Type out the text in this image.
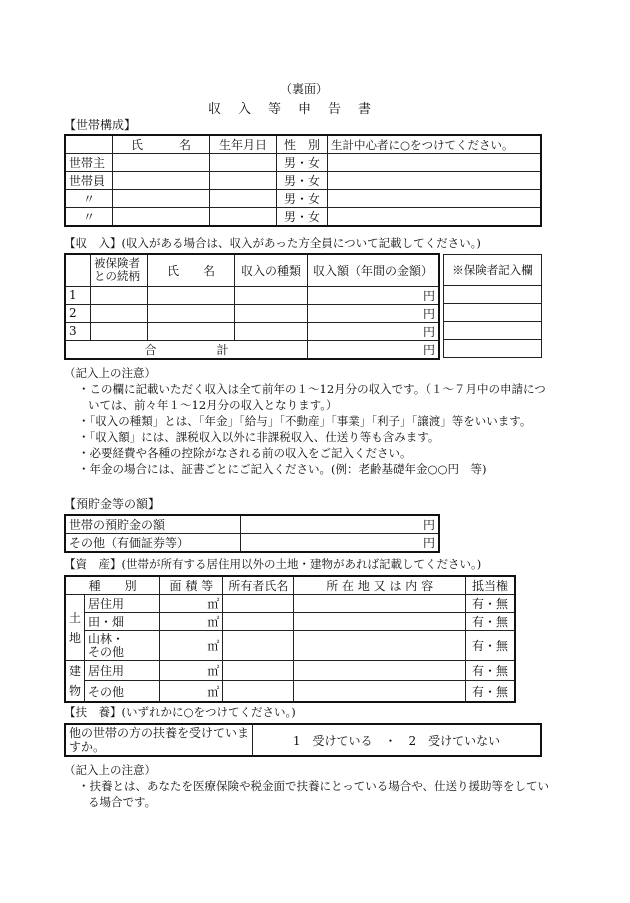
（裏面）
収　入　等　申　告　書
【世帯構成】
	氏　　　名	生年月日	性　別	生計中心者に○をつけてください。
世帯主			男・女	
世帯員			男・女	
〃			男・女	
〃			男・女	
【収　入】(収入がある場合は、収入があった方全員について記載してください。)
	被保険者
との続柄	氏　　名	収入の種類	収入額（年間の金額）
1				円
2				円
3				円
合　　　　　計				円
※保険者記入欄

（記入上の注意）
・この欄に記載いただく収入は全て前年の１～12月分の収入です。（１～７月中の申請については、前々年１～12月分の収入となります。）
・「収入の種類」とは、「年金」「給与」「不動産」「事業」「利子」「譲渡」等をいいます。
・「収入額」には、課税収入以外に非課税収入、仕送り等も含みます。
・必要経費や各種の控除がなされる前の収入をご記入ください。
・年金の場合には、証書ごとにご記入ください。(例：老齢基礎年金○○円　等)
【預貯金等の額】
世帯の預貯金の額	円
その他（有価証券等）	円
【資　産】(世帯が所有する居住用以外の土地・建物があれば記載してください。)
種　　別		面 積 等	所有者氏名	所 在 地 又 は 内 容	抵当権
土
地	居住用	㎡			有・無
	田・畑	㎡			有・無
	山林・
その他	㎡			有・無
建
物	居住用	㎡			有・無
	その他	㎡			有・無
【扶　養】(いずれかに○をつけてください。)
他の世帯の方の扶養を受けていますか。	1　受けている　・　2　受けていない
（記入上の注意）
・扶養とは、あなたを医療保険や税金面で扶養にとっている場合や、仕送り援助等をしている場合です。
